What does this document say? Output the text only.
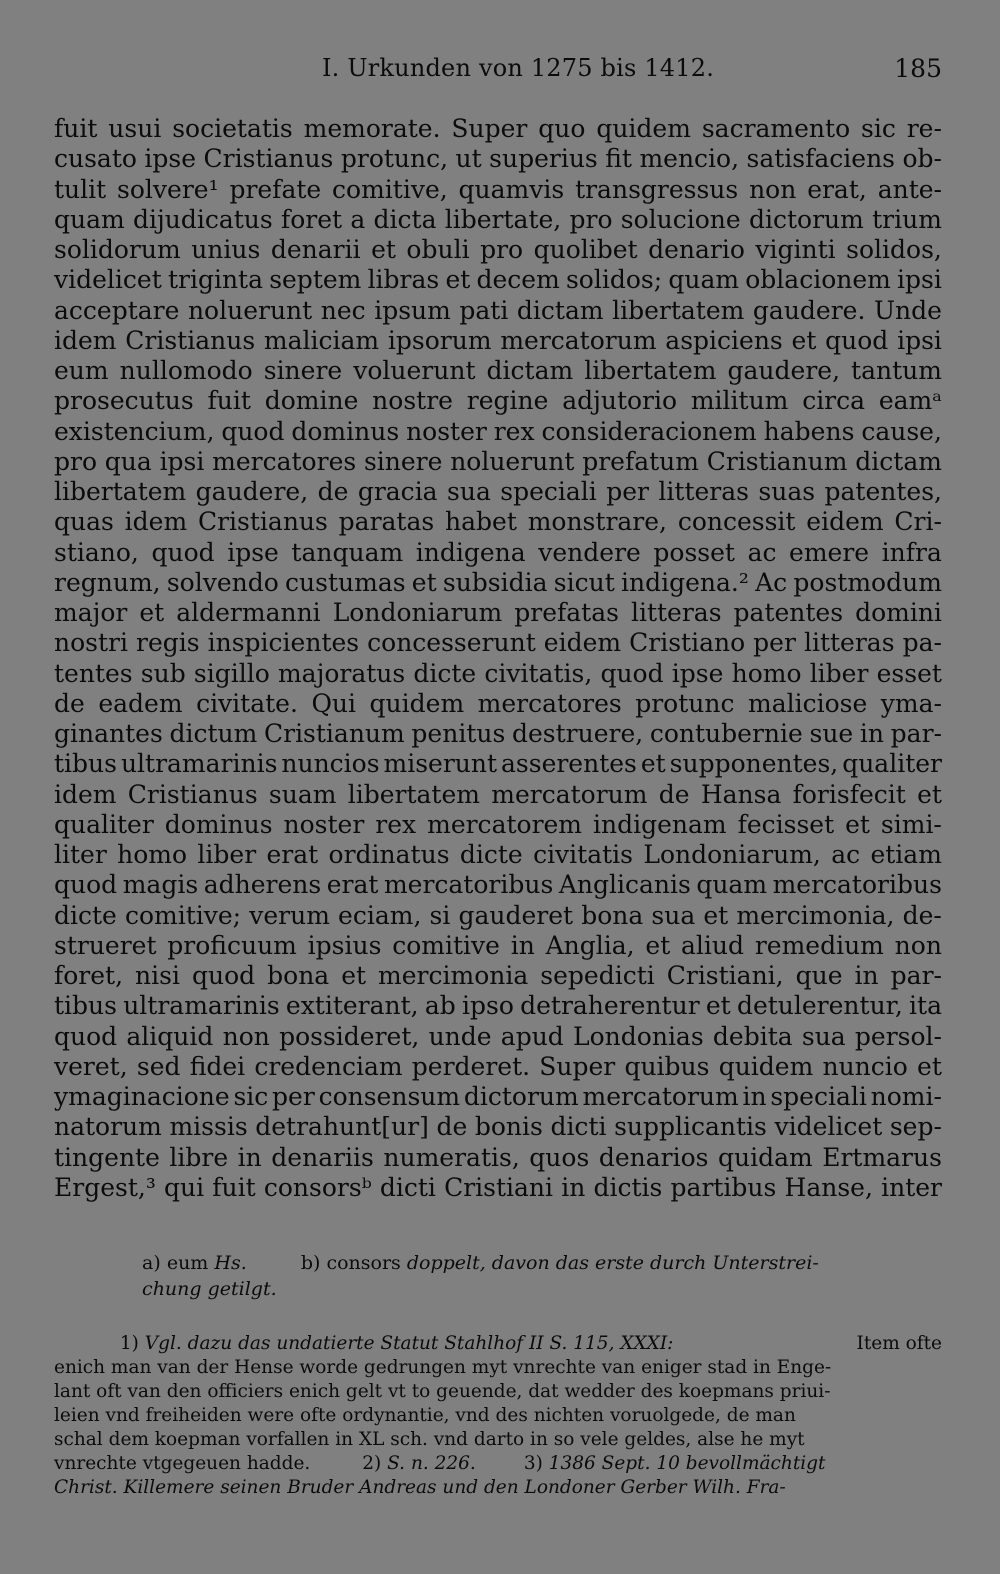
I. Urkunden von 1275 bis 1412.	185
fuit usui societatis memorate. Super quo quidem sacramento sic re-
cusato ipse Cristianus protunc, ut superius fit mencio, satisfaciens ob-
tulit solvere¹ prefate comitive, quamvis transgressus non erat, ante-
quam dijudicatus foret a dicta libertate, pro solucione dictorum trium
solidorum unius denarii et obuli pro quolibet denario viginti solidos,
videlicet triginta septem libras et decem solidos; quam oblacionem ipsi
acceptare noluerunt nec ipsum pati dictam libertatem gaudere. Unde
idem Cristianus maliciam ipsorum mercatorum aspiciens et quod ipsi
eum nullomodo sinere voluerunt dictam libertatem gaudere, tantum
prosecutus fuit domine nostre regine adjutorio militum circa eamᵃ
existencium, quod dominus noster rex consideracionem habens cause,
pro qua ipsi mercatores sinere noluerunt prefatum Cristianum dictam
libertatem gaudere, de gracia sua speciali per litteras suas patentes,
quas idem Cristianus paratas habet monstrare, concessit eidem Cri-
stiano, quod ipse tanquam indigena vendere posset ac emere infra
regnum, solvendo custumas et subsidia sicut indigena.² Ac postmodum
major et aldermanni Londoniarum prefatas litteras patentes domini
nostri regis inspicientes concesserunt eidem Cristiano per litteras pa-
tentes sub sigillo majoratus dicte civitatis, quod ipse homo liber esset
de eadem civitate. Qui quidem mercatores protunc maliciose yma-
ginantes dictum Cristianum penitus destruere, contubernie sue in par-
tibus ultramarinis nuncios miserunt asserentes et supponentes, qualiter
idem Cristianus suam libertatem mercatorum de Hansa forisfecit et
qualiter dominus noster rex mercatorem indigenam fecisset et simi-
liter homo liber erat ordinatus dicte civitatis Londoniarum, ac etiam
quod magis adherens erat mercatoribus Anglicanis quam mercatoribus
dicte comitive; verum eciam, si gauderet bona sua et mercimonia, de-
strueret proficuum ipsius comitive in Anglia, et aliud remedium non
foret, nisi quod bona et mercimonia sepedicti Cristiani, que in par-
tibus ultramarinis extiterant, ab ipso detraherentur et detulerentur, ita
quod aliquid non possideret, unde apud Londonias debita sua persol-
veret, sed fidei credenciam perderet. Super quibus quidem nuncio et
ymaginacione sic per consensum dictorum mercatorum in speciali nomi-
natorum missis detrahunt[ur] de bonis dicti supplicantis videlicet sep-
tingente libre in denariis numeratis, quos denarios quidam Ertmarus
Ergest,³ qui fuit consorsᵇ dicti Cristiani in dictis partibus Hanse, inter
a) eum Hs.	b) consors doppelt, davon das erste durch Unterstrei-
chung getilgt.
1) Vgl. dazu das undatierte Statut Stahlhof II S. 115, XXXI:	Item ofte
enich man van der Hense worde gedrungen myt vnrechte van eniger stad in Enge-
lant oft van den officiers enich gelt vt to geuende, dat wedder des koepmans priui-
leien vnd freiheiden were ofte ordynantie, vnd des nichten voruolgede, de man
schal dem koepman vorfallen in XL sch. vnd darto in so vele geldes, alse he myt
vnrechte vtgegeuen hadde.	2)
S. n. 226.	3)
1386 Sept. 10 bevollmächtigt
Christ. Killemere seinen Bruder Andreas und den Londoner Gerber Wilh. Fra-
